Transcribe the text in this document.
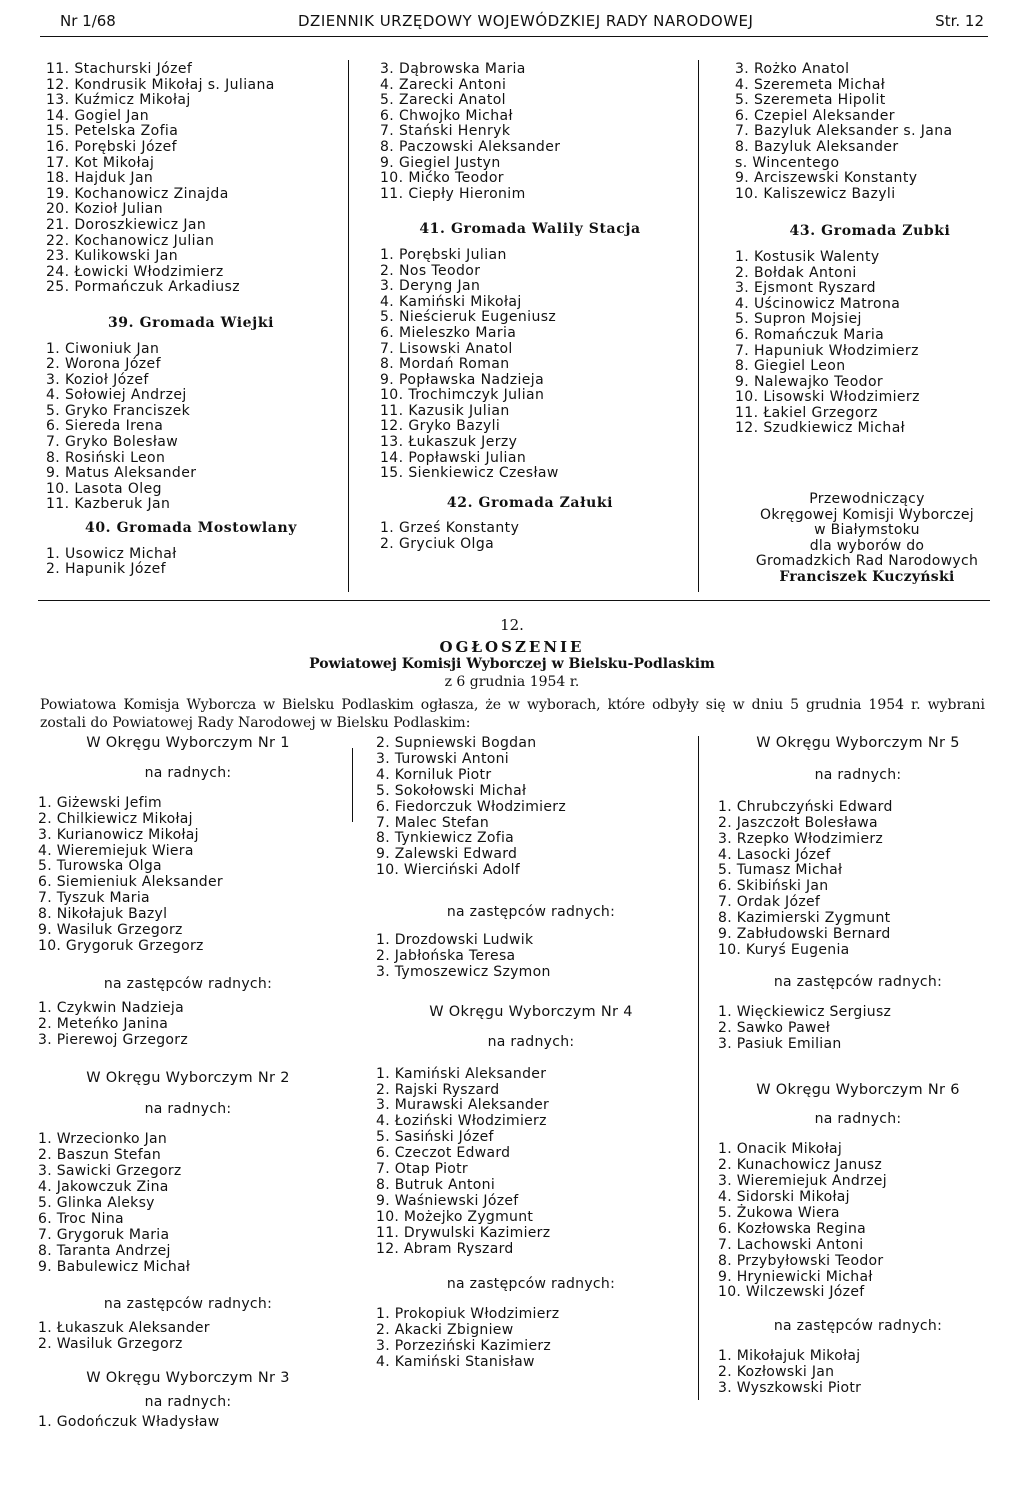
Nr 1/68	DZIENNIK URZĘDOWY WOJEWÓDZKIEJ RADY NARODOWEJ	Str. 12
11. Stachurski Józef
12. Kondrusik Mikołaj s. Juliana
13. Kuźmicz Mikołaj
14. Gogiel Jan
15. Petelska Zofia
16. Porębski Józef
17. Kot Mikołaj
18. Hajduk Jan
19. Kochanowicz Zinajda
20. Kozioł Julian
21. Doroszkiewicz Jan
22. Kochanowicz Julian
23. Kulikowski Jan
24. Łowicki Włodzimierz
25. Pormańczuk Arkadiusz
39. Gromada Wiejki
1. Ciwoniuk Jan
2. Worona Józef
3. Kozioł Józef
4. Sołowiej Andrzej
5. Gryko Franciszek
6. Siereda Irena
7. Gryko Bolesław
8. Rosiński Leon
9. Matus Aleksander
10. Lasota Oleg
11. Kazberuk Jan
40. Gromada Mostowlany
1. Usowicz Michał
2. Hapunik Józef
3. Dąbrowska Maria
4. Zarecki Antoni
5. Zarecki Anatol
6. Chwojko Michał
7. Stański Henryk
8. Paczowski Aleksander
9. Giegiel Justyn
10. Mićko Teodor
11. Ciepły Hieronim
41. Gromada Walily Stacja
1. Porębski Julian
2. Nos Teodor
3. Deryng Jan
4. Kamiński Mikołaj
5. Nieścieruk Eugeniusz
6. Mieleszko Maria
7. Lisowski Anatol
8. Mordań Roman
9. Popławska Nadzieja
10. Trochimczyk Julian
11. Kazusik Julian
12. Gryko Bazyli
13. Łukaszuk Jerzy
14. Popławski Julian
15. Sienkiewicz Czesław
42. Gromada Załuki
1. Grześ Konstanty
2. Gryciuk Olga
3. Rożko Anatol
4. Szeremeta Michał
5. Szeremeta Hipolit
6. Czepiel Aleksander
7. Bazyluk Aleksander s. Jana
8. Bazyluk Aleksander
s. Wincentego
9. Arciszewski Konstanty
10. Kaliszewicz Bazyli
43. Gromada Zubki
1. Kostusik Walenty
2. Bołdak Antoni
3. Ejsmont Ryszard
4. Uścinowicz Matrona
5. Supron Mojsiej
6. Romańczuk Maria
7. Hapuniuk Włodzimierz
8. Giegiel Leon
9. Nalewajko Teodor
10. Lisowski Włodzimierz
11. Łakiel Grzegorz
12. Szudkiewicz Michał
Przewodniczący
Okręgowej Komisji Wyborczej
w Białymstoku
dla wyborów do
Gromadzkich Rad Narodowych
Franciszek Kuczyński
12.
OGŁOSZENIE
Powiatowej Komisji Wyborczej w Bielsku-Podlaskim
z 6 grudnia 1954 r.
Powiatowa Komisja Wyborcza w Bielsku Podlaskim ogłasza, że w wyborach, które odbyły się w dniu 5 grudnia 1954 r. wybrani zostali do Powiatowej Rady Narodowej w Bielsku Podlaskim:
W Okręgu Wyborczym Nr 1
na radnych:
1. Giżewski Jefim
2. Chilkiewicz Mikołaj
3. Kurianowicz Mikołaj
4. Wieremiejuk Wiera
5. Turowska Olga
6. Siemieniuk Aleksander
7. Tyszuk Maria
8. Nikołajuk Bazyl
9. Wasiluk Grzegorz
10. Grygoruk Grzegorz
na zastępców radnych:
1. Czykwin Nadzieja
2. Meteńko Janina
3. Pierewoj Grzegorz
W Okręgu Wyborczym Nr 2
na radnych:
1. Wrzecionko Jan
2. Baszun Stefan
3. Sawicki Grzegorz
4. Jakowczuk Zina
5. Glinka Aleksy
6. Troc Nina
7. Grygoruk Maria
8. Taranta Andrzej
9. Babulewicz Michał
na zastępców radnych:
1. Łukaszuk Aleksander
2. Wasiluk Grzegorz
W Okręgu Wyborczym Nr 3
na radnych:
1. Godończuk Władysław
2. Supniewski Bogdan
3. Turowski Antoni
4. Korniluk Piotr
5. Sokołowski Michał
6. Fiedorczuk Włodzimierz
7. Malec Stefan
8. Tynkiewicz Zofia
9. Zalewski Edward
10. Wierciński Adolf
na zastępców radnych:
1. Drozdowski Ludwik
2. Jabłońska Teresa
3. Tymoszewicz Szymon
W Okręgu Wyborczym Nr 4
na radnych:
1. Kamiński Aleksander
2. Rajski Ryszard
3. Murawski Aleksander
4. Łoziński Włodzimierz
5. Sasiński Józef
6. Czeczot Edward
7. Otap Piotr
8. Butruk Antoni
9. Waśniewski Józef
10. Możejko Zygmunt
11. Drywulski Kazimierz
12. Abram Ryszard
na zastępców radnych:
1. Prokopiuk Włodzimierz
2. Akacki Zbigniew
3. Porzeziński Kazimierz
4. Kamiński Stanisław
W Okręgu Wyborczym Nr 5
na radnych:
1. Chrubczyński Edward
2. Jaszczołt Bolesława
3. Rzepko Włodzimierz
4. Lasocki Józef
5. Tumasz Michał
6. Skibiński Jan
7. Ordak Józef
8. Kazimierski Zygmunt
9. Zabłudowski Bernard
10. Kuryś Eugenia
na zastępców radnych:
1. Więckiewicz Sergiusz
2. Sawko Paweł
3. Pasiuk Emilian
W Okręgu Wyborczym Nr 6
na radnych:
1. Onacik Mikołaj
2. Kunachowicz Janusz
3. Wieremiejuk Andrzej
4. Sidorski Mikołaj
5. Żukowa Wiera
6. Kozłowska Regina
7. Lachowski Antoni
8. Przybyłowski Teodor
9. Hryniewicki Michał
10. Wilczewski Józef
na zastępców radnych:
1. Mikołajuk Mikołaj
2. Kozłowski Jan
3. Wyszkowski Piotr
